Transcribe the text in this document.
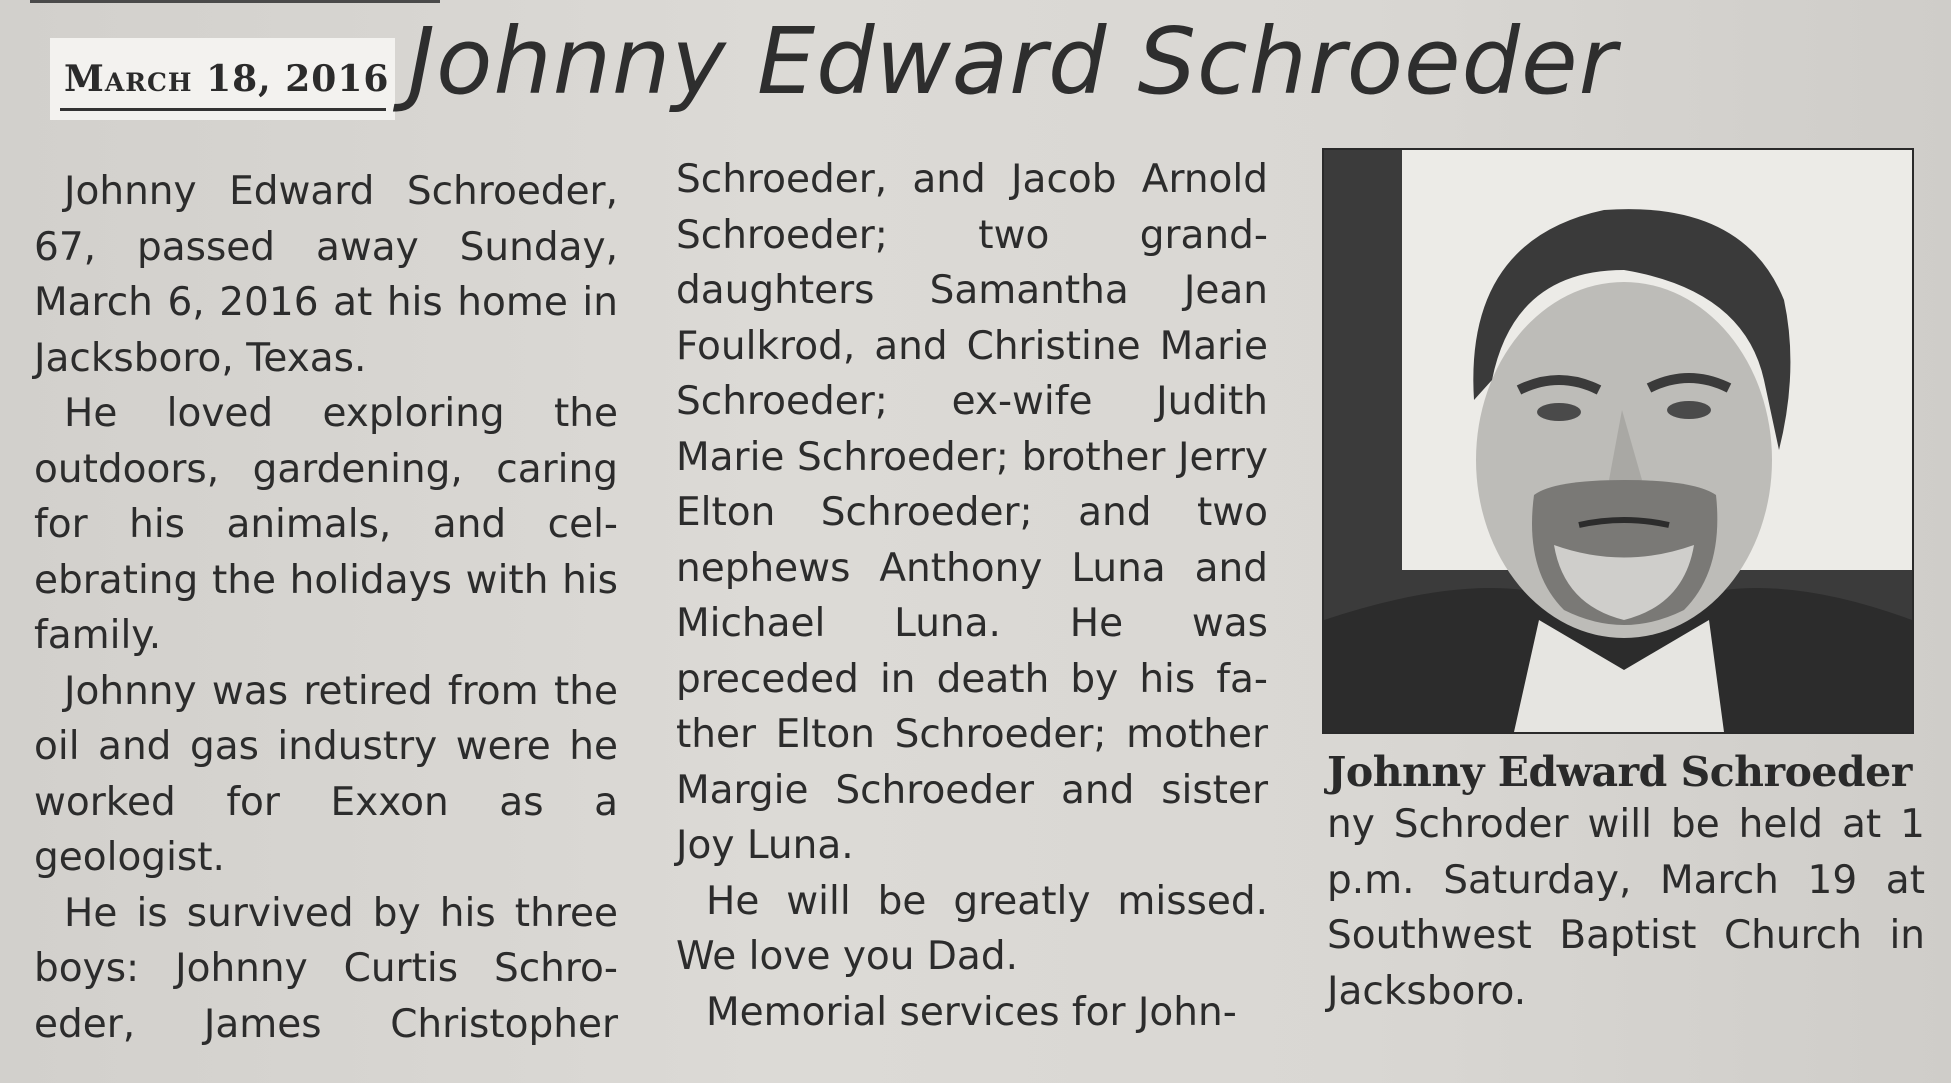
March 18, 2016 Johnny Edward Schroeder

Johnny Edward Schroeder, 67, passed away Sunday, March 6, 2016 at his home in Jacksboro, Texas.

He loved exploring the outdoors, gardening, caring for his animals, and celebrating the holidays with his family.

Johnny was retired from the oil and gas industry were he worked for Exxon as a geologist.

He is survived by his three boys: Johnny Curtis Schroeder, James Christopher

Schroeder, and Jacob Arnold Schroeder; two granddaughters Samantha Jean Foulkrod, and Christine Marie Schroeder; ex-wife Judith Marie Schroeder; brother Jerry Elton Schroeder; and two nephews Anthony Luna and Michael Luna. He was preceded in death by his father Elton Schroeder; mother Margie Schroeder and sister Joy Luna.

He will be greatly missed. We love you Dad.

Memorial services for John-

Johnny Edward Schroeder

ny Schroder will be held at 1 p.m. Saturday, March 19 at Southwest Baptist Church in Jacksboro.
